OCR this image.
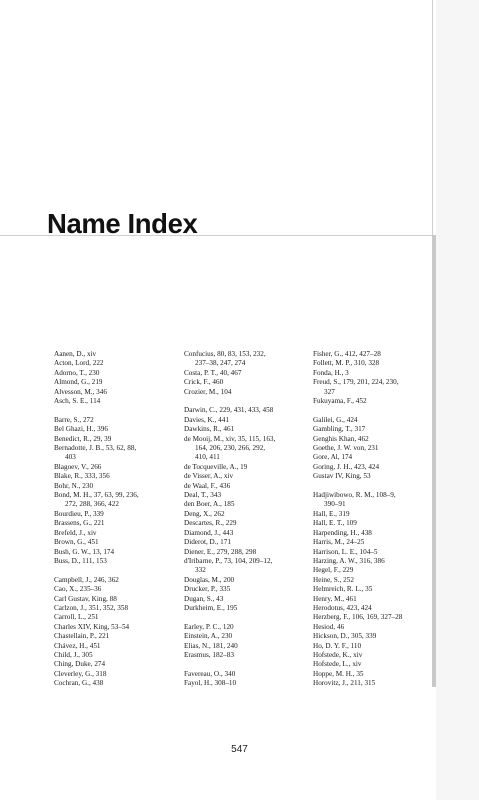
Name Index
Aanen, D., xiv
Acton, Lord, 222
Adorno, T., 230
Almond, G., 219
Alvesson, M., 346
Asch, S. E., 114
Barre, S., 272
Bel Ghazi, H., 396
Benedict, R., 29, 39
Bernadotte, J. B., 53, 62, 88,
403
Blagoev, V., 266
Blake, R., 333, 356
Bohr, N., 230
Bond, M. H., 37, 63, 99, 236,
272, 288, 366, 422
Bourdieu, P., 339
Brassens, G., 221
Brefeld, J., xiv
Brown, G., 451
Bush, G. W., 13, 174
Buss, D., 111, 153
Campbell, J., 246, 362
Cao, X., 235–36
Carl Gustav, King, 88
Carlzon, J., 351, 352, 358
Carroll, L., 251
Charles XIV, King, 53–54
Chastellain, P., 221
Chávez, H., 451
Child, J., 305
Ching, Duke, 274
Cleverley, G., 318
Cochran, G., 438
Confucius, 80, 83, 153, 232,
237–38, 247, 274
Costa, P. T., 40, 467
Crick, F., 460
Crozier, M., 104
Darwin, C., 229, 431, 433, 458
Davies, K., 441
Dawkins, R., 461
de Mooij, M., xiv, 35, 115, 163,
164, 206, 230, 266, 292,
410, 411
de Tocqueville, A., 19
de Visser, A., xiv
de Waal, F., 436
Deal, T., 343
den Boer, A., 185
Deng, X., 262
Descartes, R., 229
Diamond, J., 443
Diderot, D., 171
Diener, E., 279, 288, 298
d'Iribarne, P., 73, 104, 209–12,
332
Douglas, M., 200
Drucker, P., 335
Dugan, S., 43
Durkheim, E., 195
Earley, P. C., 120
Einstein, A., 230
Elias, N., 181, 240
Erasmus, 182–83
Favereau, O., 340
Fayol, H., 308–10
Fisher, G., 412, 427–28
Follett, M. P., 310, 328
Fonda, H., 3
Freud, S., 179, 201, 224, 230,
327
Fukuyama, F., 452
Galilei, G., 424
Gambling, T., 317
Genghis Khan, 462
Goethe, J. W. von, 231
Gore, Al, 174
Goring, J. H., 423, 424
Gustav IV, King, 53
Hadjiwibowo, R. M., 108–9,
390–91
Hall, E., 319
Hall, E. T., 109
Harpending, H., 438
Harris, M., 24–25
Harrison, L. E., 104–5
Harzing, A. W., 316, 386
Hegel, F., 229
Heine, S., 252
Helmreich, R. L., 35
Henry, M., 461
Herodotus, 423, 424
Herzberg, F., 106, 169, 327–28
Hesiod, 46
Hickson, D., 305, 339
Ho, D. Y. F., 110
Hofstede, K., xiv
Hofstede, L., xiv
Hoppe, M. H., 35
Horovitz, J., 211, 315
547
